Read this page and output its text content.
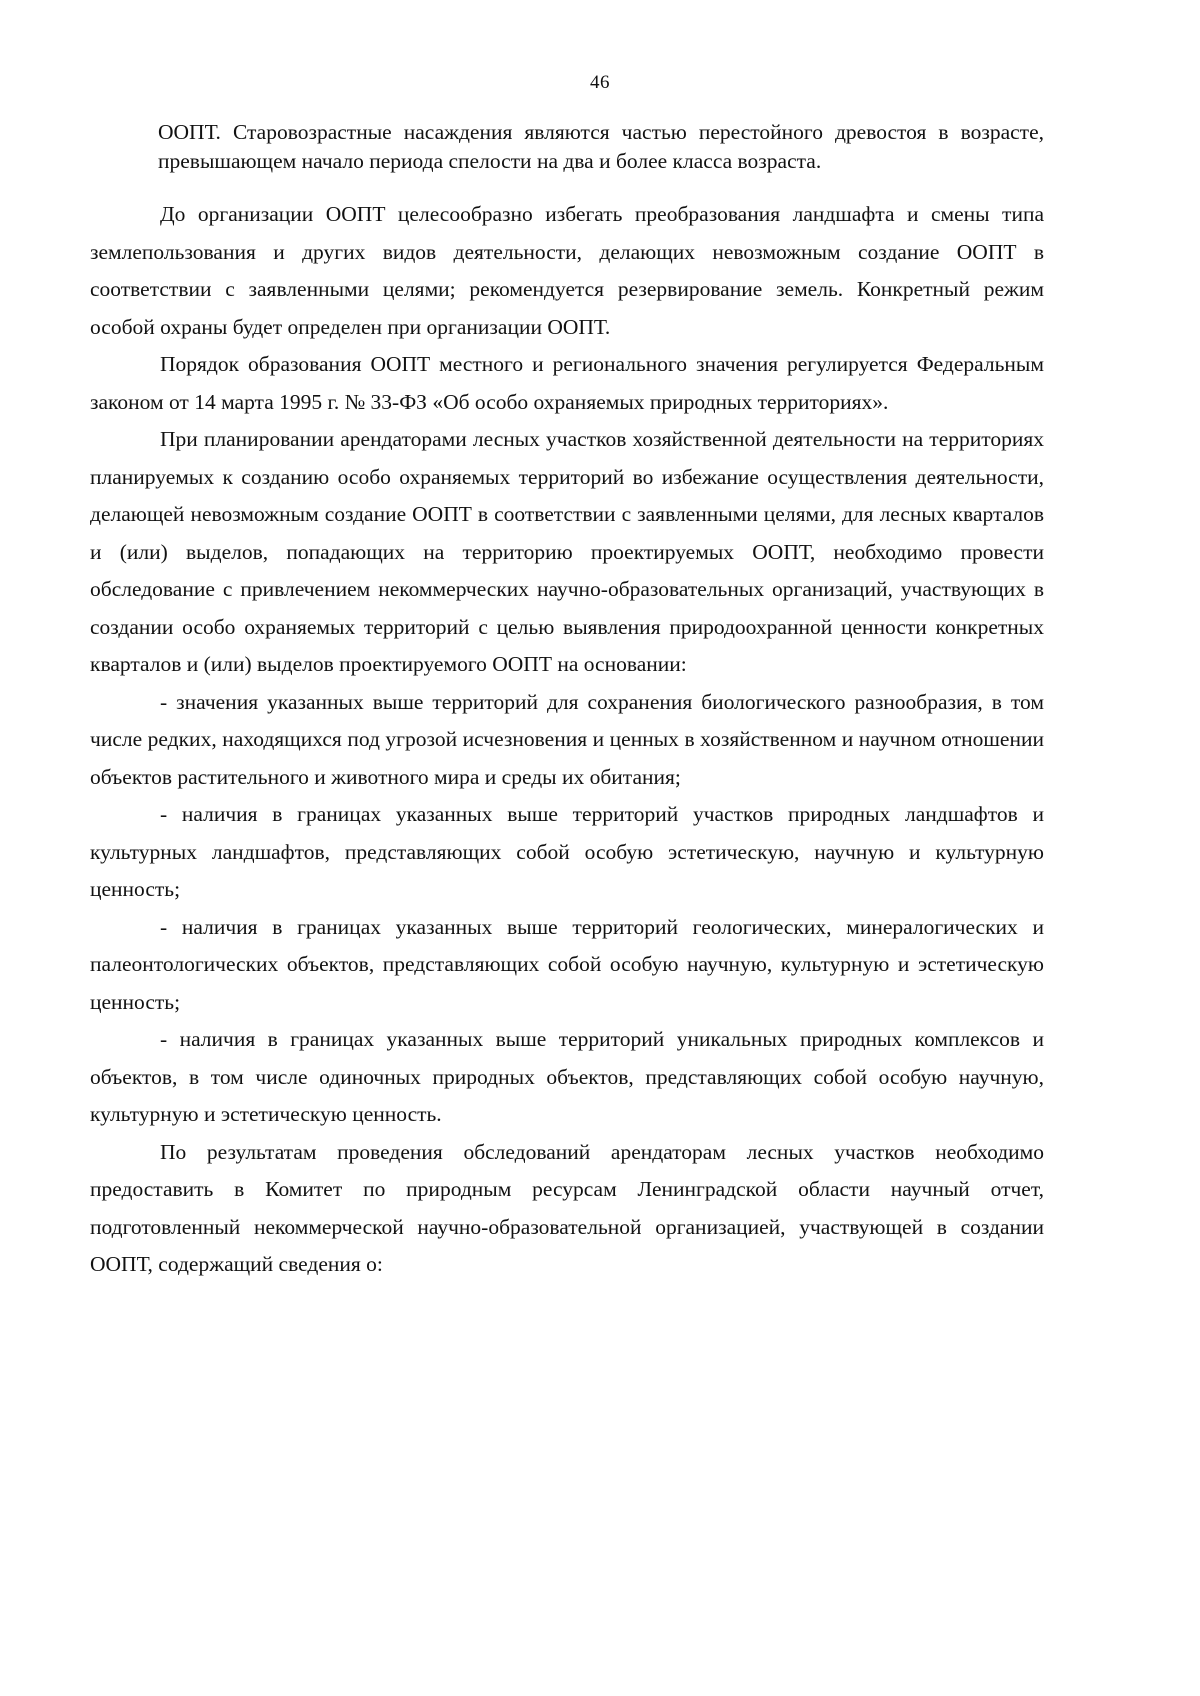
46

ООПТ. Старовозрастные насаждения являются частью перестойного древостоя в возрасте, превышающем начало периода спелости на два и более класса возраста.

До организации ООПТ целесообразно избегать преобразования ландшафта и смены типа землепользования и других видов деятельности, делающих невозможным создание ООПТ в соответствии с заявленными целями; рекомендуется резервирование земель. Конкретный режим особой охраны будет определен при организации ООПТ.

Порядок образования ООПТ местного и регионального значения регулируется Федеральным законом от 14 марта 1995 г. № 33-ФЗ «Об особо охраняемых природных территориях».

При планировании арендаторами лесных участков хозяйственной деятельности на территориях планируемых к созданию особо охраняемых территорий во избежание осуществления деятельности, делающей невозможным создание ООПТ в соответствии с заявленными целями, для лесных кварталов и (или) выделов, попадающих на территорию проектируемых ООПТ, необходимо провести обследование с привлечением некоммерческих научно-образовательных организаций, участвующих в создании особо охраняемых территорий с целью выявления природоохранной ценности конкретных кварталов и (или) выделов проектируемого ООПТ на основании:

- значения указанных выше территорий для сохранения биологического разнообразия, в том числе редких, находящихся под угрозой исчезновения и ценных в хозяйственном и научном отношении объектов растительного и животного мира и среды их обитания;

- наличия в границах указанных выше территорий участков природных ландшафтов и культурных ландшафтов, представляющих собой особую эстетическую, научную и культурную ценность;

- наличия в границах указанных выше территорий геологических, минералогических и палеонтологических объектов, представляющих собой особую научную, культурную и эстетическую ценность;

- наличия в границах указанных выше территорий уникальных природных комплексов и объектов, в том числе одиночных природных объектов, представляющих собой особую научную, культурную и эстетическую ценность.

По результатам проведения обследований арендаторам лесных участков необходимо предоставить в Комитет по природным ресурсам Ленинградской области научный отчет, подготовленный некоммерческой научно-образовательной организацией, участвующей в создании ООПТ, содержащий сведения о:
